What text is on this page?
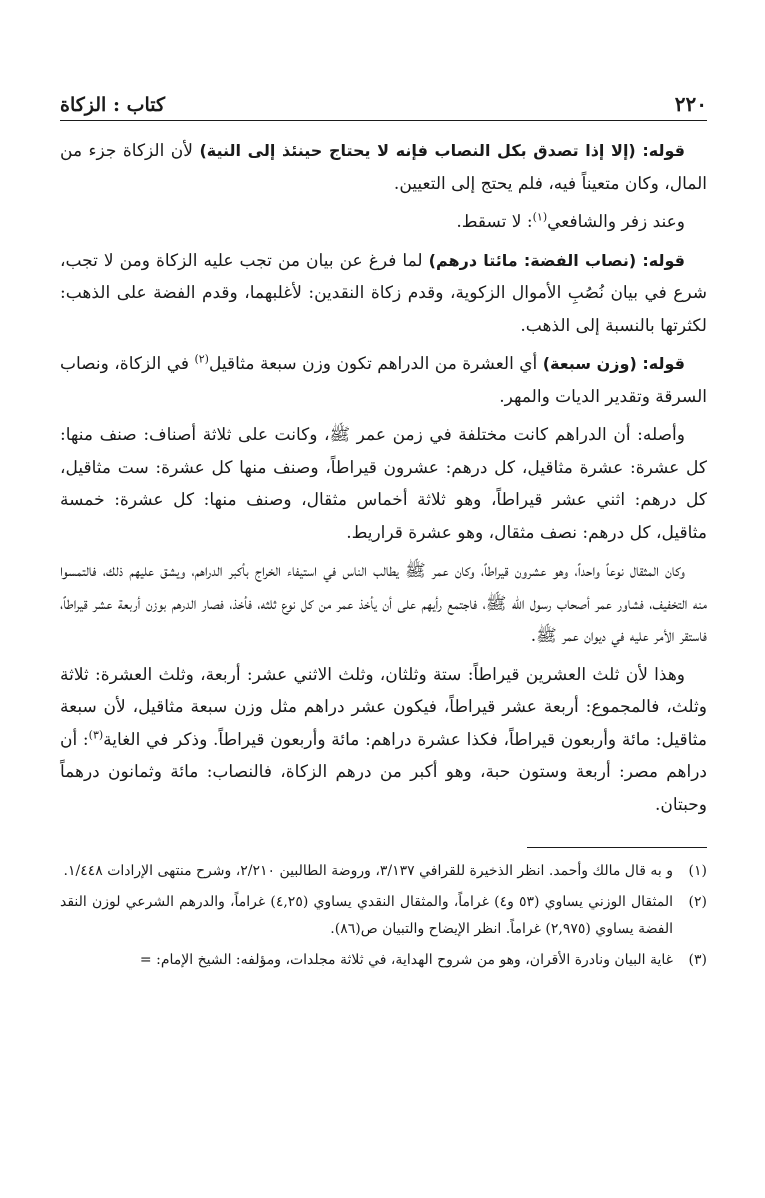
٢٢٠
كتاب : الزكاة

قوله: (إلا إذا تصدق بكل النصاب فإنه لا يحتاج حينئذ إلى النية) لأن الزكاة جزء من المال، وكان متعيناً فيه، فلم يحتج إلى التعيين.

وعند زفر والشافعي$^{(١)}$: لا تسقط.

قوله: (نصاب الفضة: مائتا درهم) لما فرغ عن بيان من تجب عليه الزكاة ومن لا تجب، شرع في بيان نُصُبِ الأموال الزكوية، وقدم زكاة النقدين: لأغلبهما، وقدم الفضة على الذهب: لكثرتها بالنسبة إلى الذهب.

قوله: (وزن سبعة) أي العشرة من الدراهم تكون وزن سبعة مثاقيل$^{(٢)}$ في الزكاة، ونصاب السرقة وتقدير الديات والمهر.

وأصله: أن الدراهم كانت مختلفة في زمن عمر ﷺ، وكانت على ثلاثة أصناف: صنف منها: كل عشرة: عشرة مثاقيل، كل درهم: عشرون قيراطاً، وصنف منها كل عشرة: ست مثاقيل، كل درهم: اثني عشر قيراطاً، وهو ثلاثة أخماس مثقال، وصنف منها: كل عشرة: خمسة مثاقيل، كل درهم: نصف مثقال، وهو عشرة قراريط.

وكان المثقال نوعاً واحداً، وهو عشرون قيراطاً، وكان عمر ﷺ يطالب الناس في استيفاء الخراج بأكبر الدراهم، ويشق عليهم ذلك، فالتمسوا منه التخفيف، فشاور عمر أصحاب رسول الله ﷺ، فاجتمع رأيهم على أن يأخذ عمر من كل نوع ثلثه، فأخذ، فصار الدرهم بوزن أربعة عشر قيراطاً، فاستقر الأمر عليه في ديوان عمر ﷺ.

وهذا لأن ثلث العشرين قيراطاً: ستة وثلثان، وثلث الاثني عشر: أربعة، وثلث العشرة: ثلاثة وثلث، فالمجموع: أربعة عشر قيراطاً، فيكون عشر دراهم مثل وزن سبعة مثاقيل، لأن سبعة مثاقيل: مائة وأربعون قيراطاً، فكذا عشرة دراهم: مائة وأربعون قيراطاً. وذكر في الغاية$^{(٣)}$: أن دراهم مصر: أربعة وستون حبة، وهو أكبر من درهم الزكاة، فالنصاب: مائة وثمانون درهماً وحبتان.

(١)
و به قال مالك وأحمد. انظر الذخيرة للقرافي ٣/١٣٧، وروضة الطالبين ٢/٢١٠، وشرح منتهى الإرادات ١/٤٤٨.
(٢)
المثقال الوزني يساوي (٥٣ و٤) غراماً، والمثقال النقدي يساوي (٤,٢٥) غراماً، والدرهم الشرعي لوزن النقد الفضة يساوي (٢,٩٧٥) غراماً. انظر الإيضاح والتبيان ص(٨٦).
(٣)
غاية البيان ونادرة الأقران، وهو من شروح الهداية، في ثلاثة مجلدات، ومؤلفه: الشيخ الإمام: =
